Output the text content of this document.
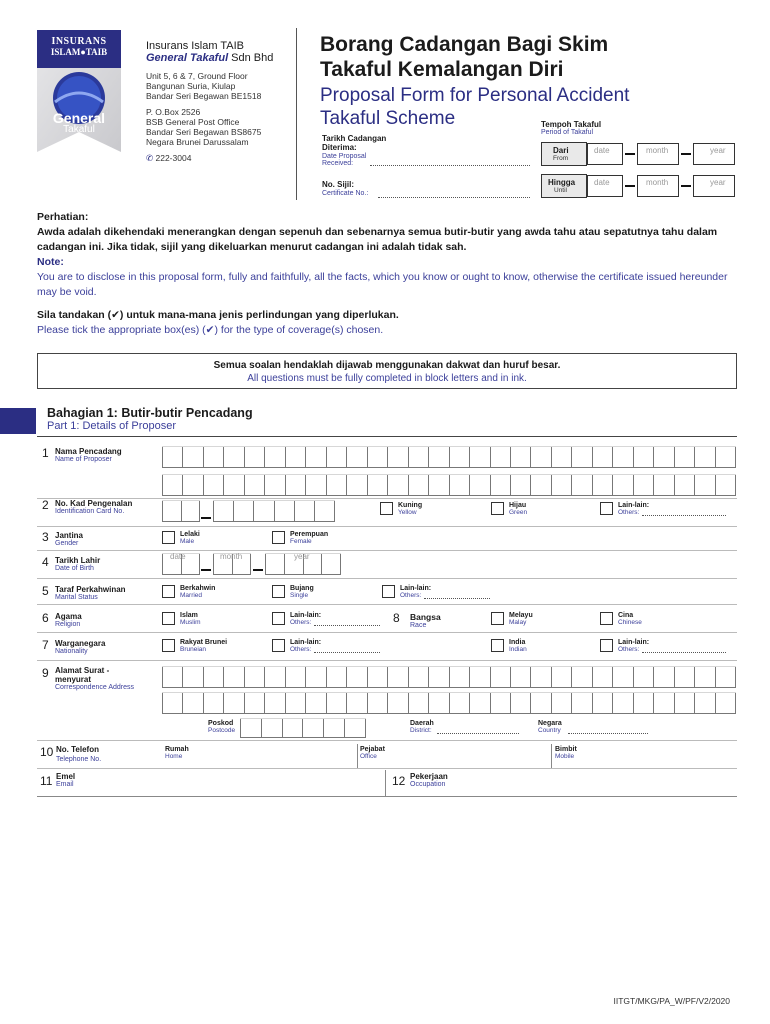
INSURANS
ISLAM●TAIB
General
Takaful
Insurans Islam TAIB
General Takaful Sdn Bhd
Unit 5, 6 & 7, Ground Floor
Bangunan Suria, Kiulap
Bandar Seri Begawan BE1518
P. O.Box 2526
BSB General Post Office
Bandar Seri Begawan BS8675
Negara Brunei Darussalam
✆ 222-3004
Borang Cadangan Bagi Skim
Takaful Kemalangan Diri
Proposal Form for Personal Accident
Takaful Scheme
Tarikh Cadangan
Diterima:
Date Proposal
Received:
No. Sijil:
Certificate No.:
Tempoh Takaful
Period of Takaful
Dari
From
date	month	year
Hingga
Until
date	month	year
Perhatian:
Awda adalah dikehendaki menerangkan dengan sepenuh dan sebenarnya semua butir-butir yang awda tahu atau sepatutnya tahu dalam cadangan ini. Jika tidak, sijil yang dikeluarkan menurut cadangan ini adalah tidak sah.
Note:
You are to disclose in this proposal form, fully and faithfully, all the facts, which you know or ought to know, otherwise the certificate issued hereunder may be void.
Sila tandakan (✔) untuk mana-mana jenis perlindungan yang diperlukan.
Please tick the appropriate box(es) (✔) for the type of coverage(s) chosen.
Semua soalan hendaklah dijawab menggunakan dakwat dan huruf besar.
All questions must be fully completed in block letters and in ink.
Bahagian 1: Butir-butir Pencadang
Part 1: Details of Proposer
1 Nama Pencadang
Name of Proposer
2 No. Kad Pengenalan
Identification Card No.
Kuning
Yellow
Hijau
Green
Lain-lain:
Others:
3 Jantina
Gender
Lelaki
Male
Perempuan
Female
4 Tarikh Lahir
Date of Birth
date	month	year
5 Taraf Perkahwinan
Marital Status
Berkahwin
Married
Bujang
Single
Lain-lain:
Others:
6 Agama
Religion
Islam
Muslim
Lain-lain:
Others:	8 Bangsa
Race
Melayu
Malay
Cina
Chinese
7 Warganegara
Nationality
Rakyat Brunei
Bruneian
Lain-lain:
Others:
India
Indian
Lain-lain:
Others:
9 Alamat Surat -
menyurat
Correspondence Address
Poskod
Postcode
Daerah
District:
Negara
Country
10 No. Telefon
Telephone No.
Rumah
Home
Pejabat
Office
Bimbit
Mobile
11 Emel
Email	12 Pekerjaan
Occupation
IITGT/MKG/PA_W/PF/V2/2020
